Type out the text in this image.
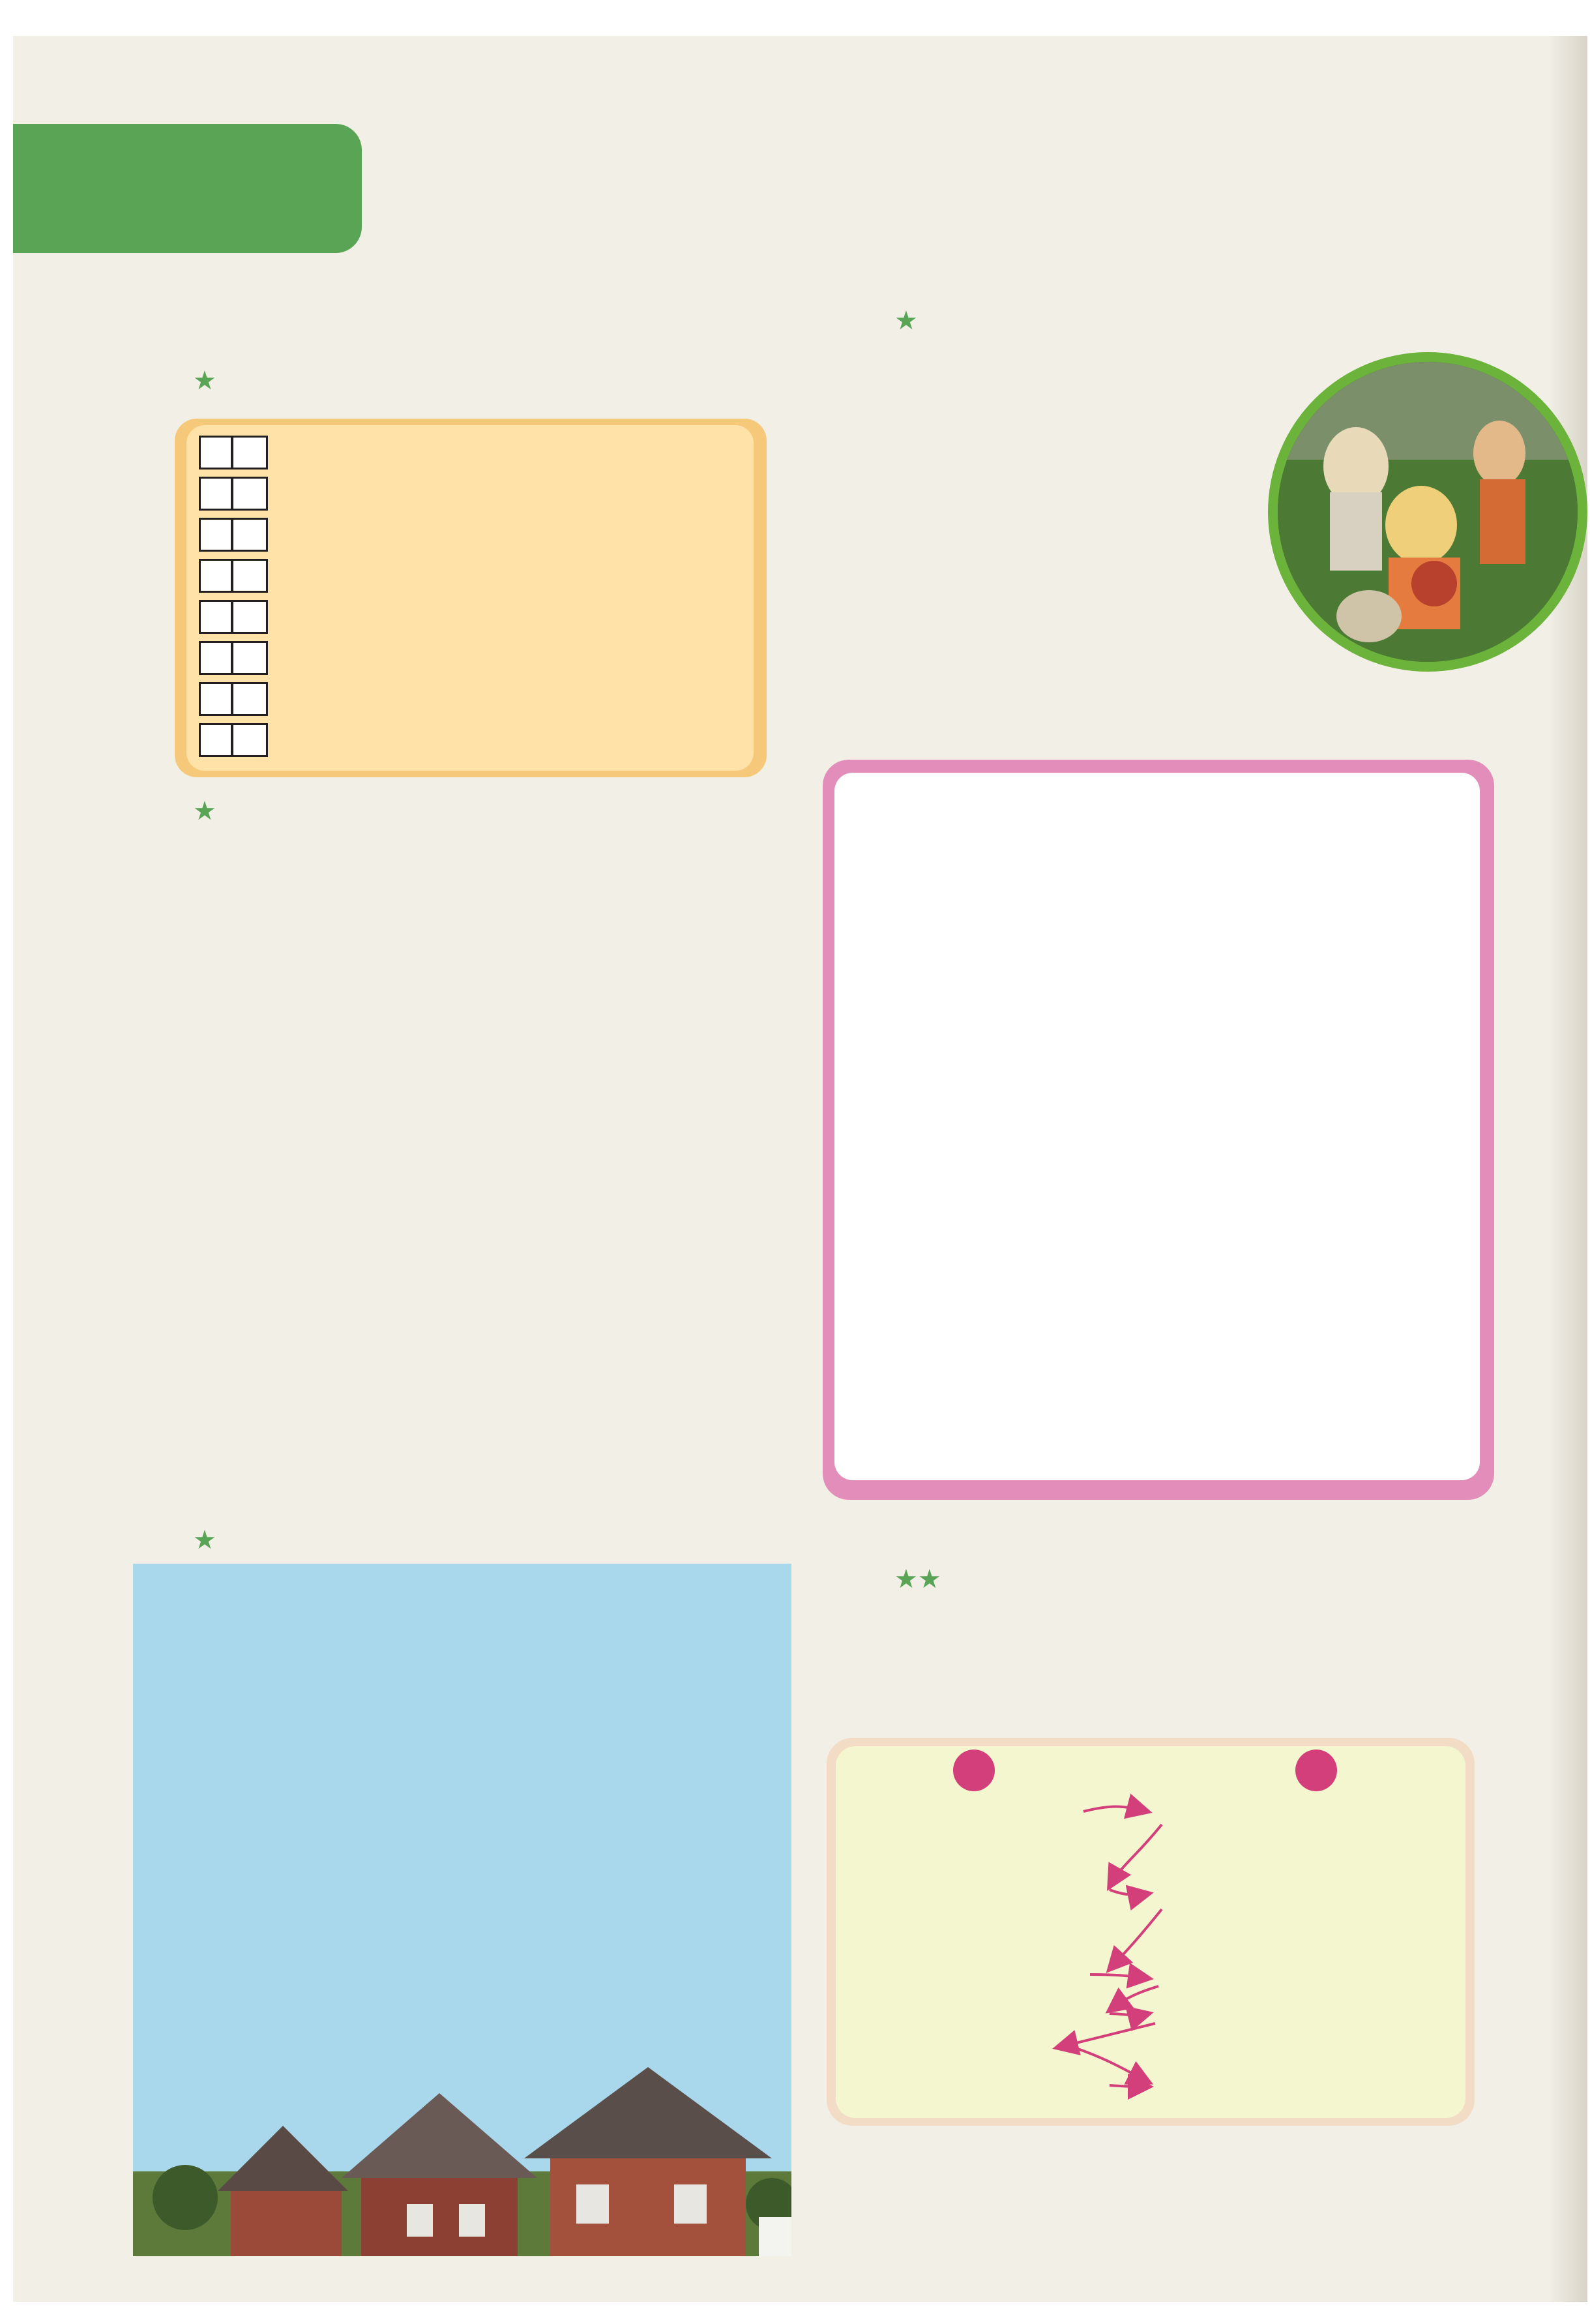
★
★
★
★
★★
